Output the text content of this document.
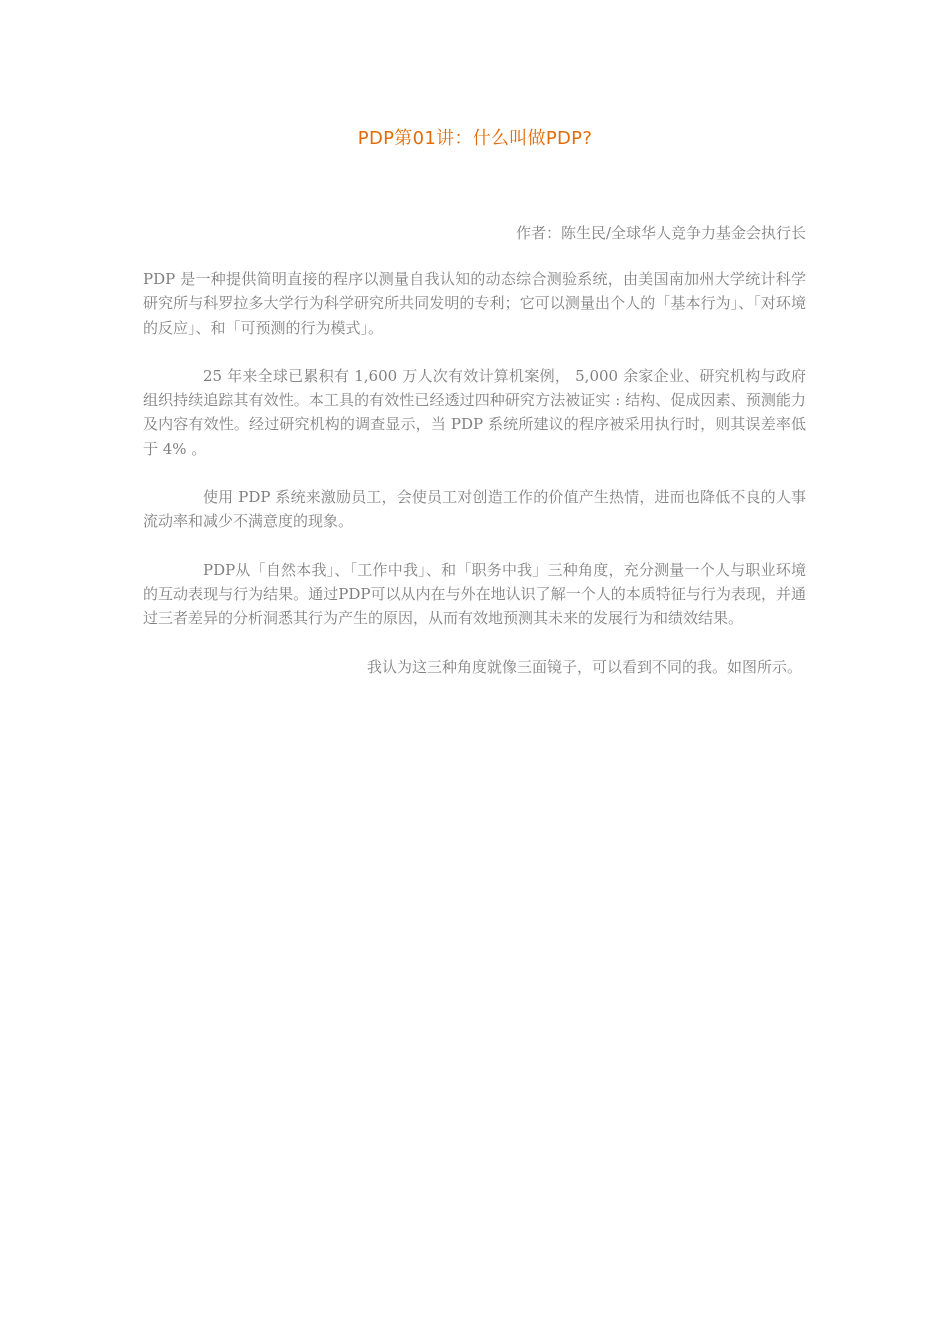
PDP第01讲：什么叫做PDP?
作者：陈生民/全球华人竞争力基金会执行长

PDP 是一种提供简明直接的程序以测量自我认知的动态综合测验系统，由美国南加州大学统计科学研究所与科罗拉多大学行为科学研究所共同发明的专利；它可以测量出个人的「基本行为」、「对环境的反应」、和「可预测的行为模式」。

25 年来全球已累积有 1,600 万人次有效计算机案例， 5,000 余家企业、研究机构与政府组织持续追踪其有效性。本工具的有效性已经透过四种研究方法被证实 : 结构、促成因素、预测能力及内容有效性。经过研究机构的调查显示，当 PDP 系统所建议的程序被采用执行时，则其误差率低于 4% 。

使用 PDP 系统来激励员工，会使员工对创造工作的价值产生热情，进而也降低不良的人事流动率和减少不满意度的现象。

PDP从「自然本我」、「工作中我」、和「职务中我」三种角度，充分测量一个人与职业环境的互动表现与行为结果。通过PDP可以从内在与外在地认识了解一个人的本质特征与行为表现，并通过三者差异的分析洞悉其行为产生的原因，从而有效地预测其未来的发展行为和绩效结果。

我认为这三种角度就像三面镜子，可以看到不同的我。如图所示。
